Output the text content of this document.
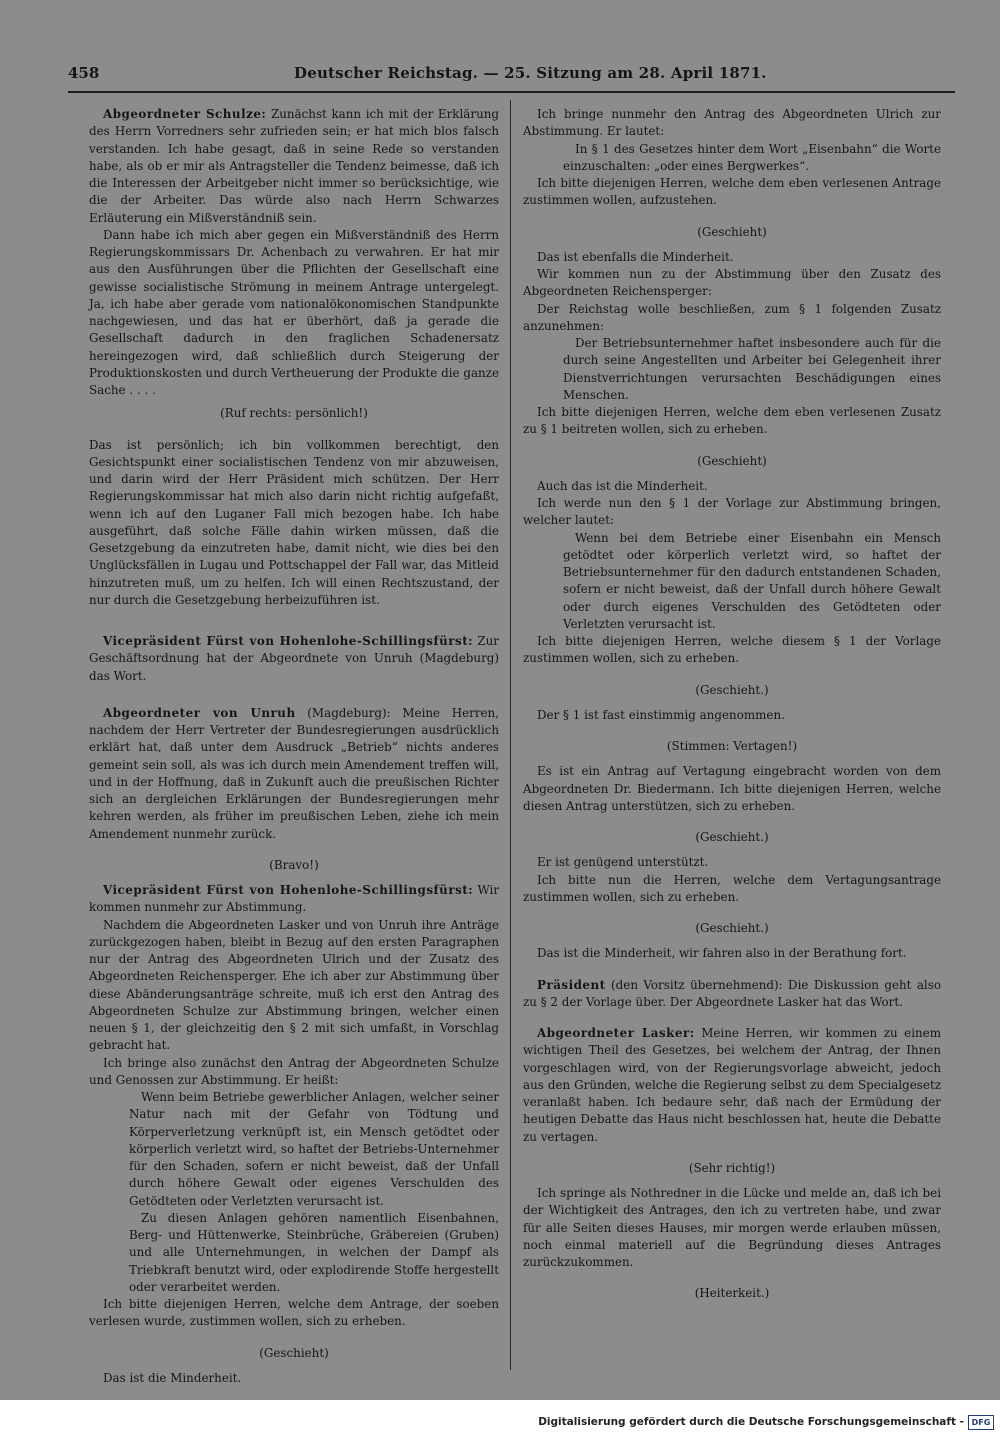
458	Deutscher Reichstag. — 25. Sitzung am 28. April 1871.

Abgeordneter Schulze: Zunächst kann ich mit der Erklärung des Herrn Vorredners sehr zufrieden sein; er hat mich blos falsch verstanden. Ich habe gesagt, daß in seine Rede so verstanden habe, als ob er mir als Antragsteller die Tendenz beimesse, daß ich die Interessen der Arbeitgeber nicht immer so berücksichtige, wie die der Arbeiter. Das würde also nach Herrn Schwarzes Erläuterung ein Mißverständniß sein.

Dann habe ich mich aber gegen ein Mißverständniß des Herrn Regierungskommissars Dr. Achenbach zu verwahren. Er hat mir aus den Ausführungen über die Pflichten der Gesellschaft eine gewisse socialistische Strömung in meinem Antrage untergelegt. Ja, ich habe aber gerade vom nationalökonomischen Standpunkte nachgewiesen, und das hat er überhört, daß ja gerade die Gesellschaft dadurch in den fraglichen Schadenersatz hereingezogen wird, daß schließlich durch Steigerung der Produktionskosten und durch Vertheuerung der Produkte die ganze Sache . . . .

(Ruf rechts: persönlich!)

Das ist persönlich; ich bin vollkommen berechtigt, den Gesichtspunkt einer socialistischen Tendenz von mir abzuweisen, und darin wird der Herr Präsident mich schützen. Der Herr Regierungskommissar hat mich also darin nicht richtig aufgefaßt, wenn ich auf den Luganer Fall mich bezogen habe. Ich habe ausgeführt, daß solche Fälle dahin wirken müssen, daß die Gesetzgebung da einzutreten habe, damit nicht, wie dies bei den Unglücksfällen in Lugau und Pottschappel der Fall war, das Mitleid hinzutreten muß, um zu helfen. Ich will einen Rechtszustand, der nur durch die Gesetzgebung herbeizuführen ist.

Vicepräsident Fürst von Hohenlohe-Schillingsfürst: Zur Geschäftsordnung hat der Abgeordnete von Unruh (Magdeburg) das Wort.

Abgeordneter von Unruh (Magdeburg): Meine Herren, nachdem der Herr Vertreter der Bundesregierungen ausdrücklich erklärt hat, daß unter dem Ausdruck „Betrieb“ nichts anderes gemeint sein soll, als was ich durch mein Amendement treffen will, und in der Hoffnung, daß in Zukunft auch die preußischen Richter sich an dergleichen Erklärungen der Bundesregierungen mehr kehren werden, als früher im preußischen Leben, ziehe ich mein Amendement nunmehr zurück.

(Bravo!)

Vicepräsident Fürst von Hohenlohe-Schillingsfürst: Wir kommen nunmehr zur Abstimmung.

Nachdem die Abgeordneten Lasker und von Unruh ihre Anträge zurückgezogen haben, bleibt in Bezug auf den ersten Paragraphen nur der Antrag des Abgeordneten Ulrich und der Zusatz des Abgeordneten Reichensperger. Ehe ich aber zur Abstimmung über diese Abänderungsanträge schreite, muß ich erst den Antrag des Abgeordneten Schulze zur Abstimmung bringen, welcher einen neuen § 1, der gleichzeitig den § 2 mit sich umfaßt, in Vorschlag gebracht hat.

Ich bringe also zunächst den Antrag der Abgeordneten Schulze und Genossen zur Abstimmung. Er heißt:

Wenn beim Betriebe gewerblicher Anlagen, welcher seiner Natur nach mit der Gefahr von Tödtung und Körperverletzung verknüpft ist, ein Mensch getödtet oder körperlich verletzt wird, so haftet der Betriebs-Unternehmer für den Schaden, sofern er nicht beweist, daß der Unfall durch höhere Gewalt oder eigenes Verschulden des Getödteten oder Verletzten verursacht ist.

Zu diesen Anlagen gehören namentlich Eisenbahnen, Berg- und Hüttenwerke, Steinbrüche, Gräbereien (Gruben) und alle Unternehmungen, in welchen der Dampf als Triebkraft benutzt wird, oder explodirende Stoffe hergestellt oder verarbeitet werden.

Ich bitte diejenigen Herren, welche dem Antrage, der soeben verlesen wurde, zustimmen wollen, sich zu erheben.

(Geschieht)

Das ist die Minderheit.

Ich bringe nunmehr den Antrag des Abgeordneten Ulrich zur Abstimmung. Er lautet:

In § 1 des Gesetzes hinter dem Wort „Eisenbahn“ die Worte einzuschalten: „oder eines Bergwerkes“.

Ich bitte diejenigen Herren, welche dem eben verlesenen Antrage zustimmen wollen, aufzustehen.

(Geschieht)

Das ist ebenfalls die Minderheit.

Wir kommen nun zu der Abstimmung über den Zusatz des Abgeordneten Reichensperger:

Der Reichstag wolle beschließen, zum § 1 folgenden Zusatz anzunehmen:

Der Betriebsunternehmer haftet insbesondere auch für die durch seine Angestellten und Arbeiter bei Gelegenheit ihrer Dienstverrichtungen verursachten Beschädigungen eines Menschen.

Ich bitte diejenigen Herren, welche dem eben verlesenen Zusatz zu § 1 beitreten wollen, sich zu erheben.

(Geschieht)

Auch das ist die Minderheit.

Ich werde nun den § 1 der Vorlage zur Abstimmung bringen, welcher lautet:

Wenn bei dem Betriebe einer Eisenbahn ein Mensch getödtet oder körperlich verletzt wird, so haftet der Betriebsunternehmer für den dadurch entstandenen Schaden, sofern er nicht beweist, daß der Unfall durch höhere Gewalt oder durch eigenes Verschulden des Getödteten oder Verletzten verursacht ist.

Ich bitte diejenigen Herren, welche diesem § 1 der Vorlage zustimmen wollen, sich zu erheben.

(Geschieht.)

Der § 1 ist fast einstimmig angenommen.

(Stimmen: Vertagen!)

Es ist ein Antrag auf Vertagung eingebracht worden von dem Abgeordneten Dr. Biedermann. Ich bitte diejenigen Herren, welche diesen Antrag unterstützen, sich zu erheben.

(Geschieht.)

Er ist genügend unterstützt.

Ich bitte nun die Herren, welche dem Vertagungsantrage zustimmen wollen, sich zu erheben.

(Geschieht.)

Das ist die Minderheit, wir fahren also in der Berathung fort.

Präsident (den Vorsitz übernehmend): Die Diskussion geht also zu § 2 der Vorlage über. Der Abgeordnete Lasker hat das Wort.

Abgeordneter Lasker: Meine Herren, wir kommen zu einem wichtigen Theil des Gesetzes, bei welchem der Antrag, der Ihnen vorgeschlagen wird, von der Regierungsvorlage abweicht, jedoch aus den Gründen, welche die Regierung selbst zu dem Specialgesetz veranlaßt haben. Ich bedaure sehr, daß nach der Ermüdung der heutigen Debatte das Haus nicht beschlossen hat, heute die Debatte zu vertagen.

(Sehr richtig!)

Ich springe als Nothredner in die Lücke und melde an, daß ich bei der Wichtigkeit des Antrages, den ich zu vertreten habe, und zwar für alle Seiten dieses Hauses, mir morgen werde erlauben müssen, noch einmal materiell auf die Begründung dieses Antrages zurückzukommen.

(Heiterkeit.)

Digitalisierung gefördert durch die Deutsche Forschungsgemeinschaft - DFG
